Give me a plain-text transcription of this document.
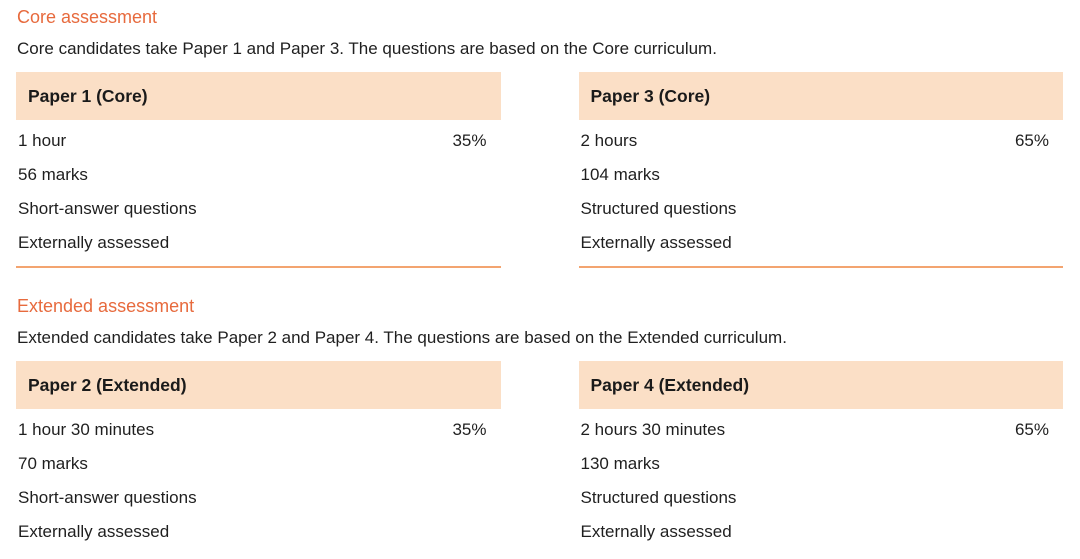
Core assessment

Core candidates take Paper 1 and Paper 3. The questions are based on the Core curriculum.

Paper 1 (Core)
1 hour	35%
56 marks
Short-answer questions
Externally assessed
Paper 3 (Core)
2 hours	65%
104 marks
Structured questions
Externally assessed
Extended assessment

Extended candidates take Paper 2 and Paper 4. The questions are based on the Extended curriculum.

Paper 2 (Extended)
1 hour 30 minutes	35%
70 marks
Short-answer questions
Externally assessed
Paper 4 (Extended)
2 hours 30 minutes	65%
130 marks
Structured questions
Externally assessed
